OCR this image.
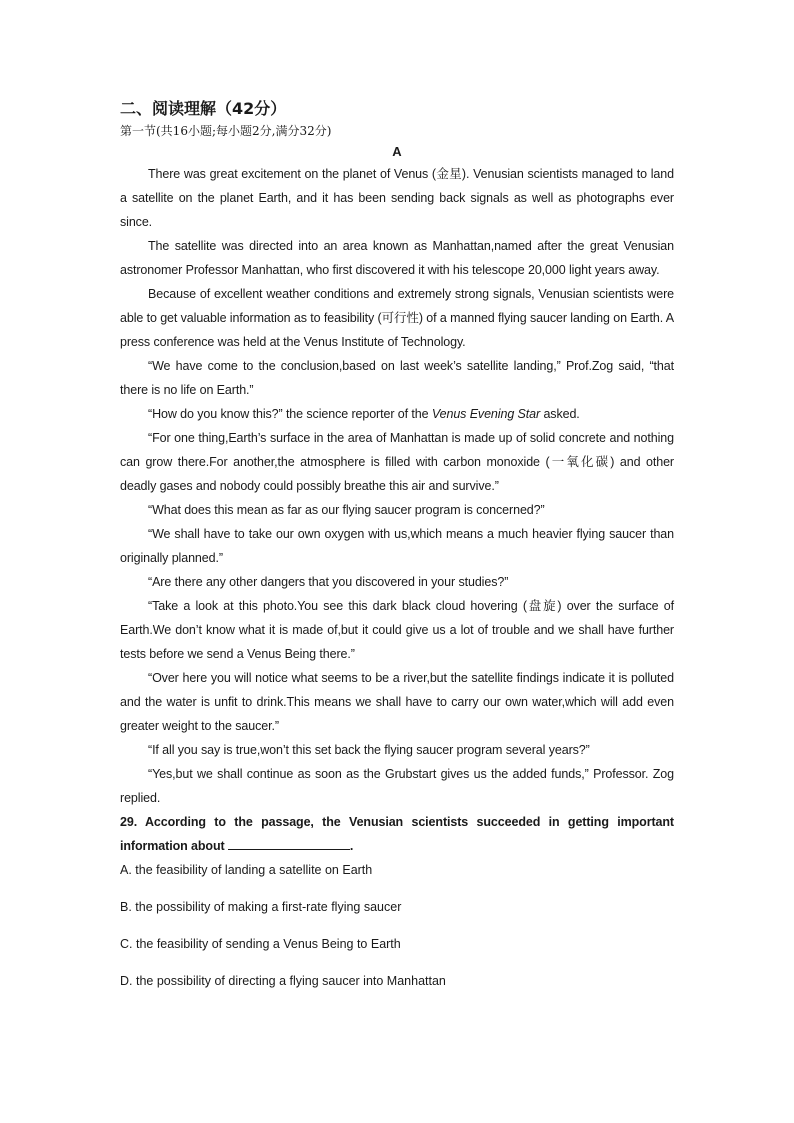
二、阅读理解（42分）

第一节(共16小题;每小题2分,满分32分)

A

There was great excitement on the planet of Venus (金星). Venusian scientists managed to land a satellite on the planet Earth, and it has been sending back signals as well as photographs ever since.

The satellite was directed into an area known as Manhattan,named after the great Venusian astronomer Professor Manhattan, who first discovered it with his telescope 20,000 light years away.

Because of excellent weather conditions and extremely strong signals, Venusian scientists were able to get valuable information as to feasibility (可行性) of a manned flying saucer landing on Earth. A press conference was held at the Venus Institute of Technology.

“We have come to the conclusion,based on last week’s satellite landing,” Prof.Zog said, “that there is no life on Earth.”

“How do you know this?” the science reporter of the Venus Evening Star asked.

“For one thing,Earth’s surface in the area of Manhattan is made up of solid concrete and nothing can grow there.For another,the atmosphere is filled with carbon monoxide (一氧化碳) and other deadly gases and nobody could possibly breathe this air and survive.”

“What does this mean as far as our flying saucer program is concerned?”

“We shall have to take our own oxygen with us,which means a much heavier flying saucer than originally planned.”

“Are there any other dangers that you discovered in your studies?”

“Take a look at this photo.You see this dark black cloud hovering (盘旋) over the surface of Earth.We don’t know what it is made of,but it could give us a lot of trouble and we shall have further tests before we send a Venus Being there.”

“Over here you will notice what seems to be a river,but the satellite findings indicate it is polluted and the water is unfit to drink.This means we shall have to carry our own water,which will add even greater weight to the saucer.”

“If all you say is true,won’t this set back the flying saucer program several years?”

“Yes,but we shall continue as soon as the Grubstart gives us the added funds,” Professor. Zog replied.

29. According to the passage, the Venusian scientists succeeded in getting important information about	.

A. the feasibility of landing a satellite on Earth

B. the possibility of making a first-rate flying saucer

C. the feasibility of sending a Venus Being to Earth

D. the possibility of directing a flying saucer into Manhattan
